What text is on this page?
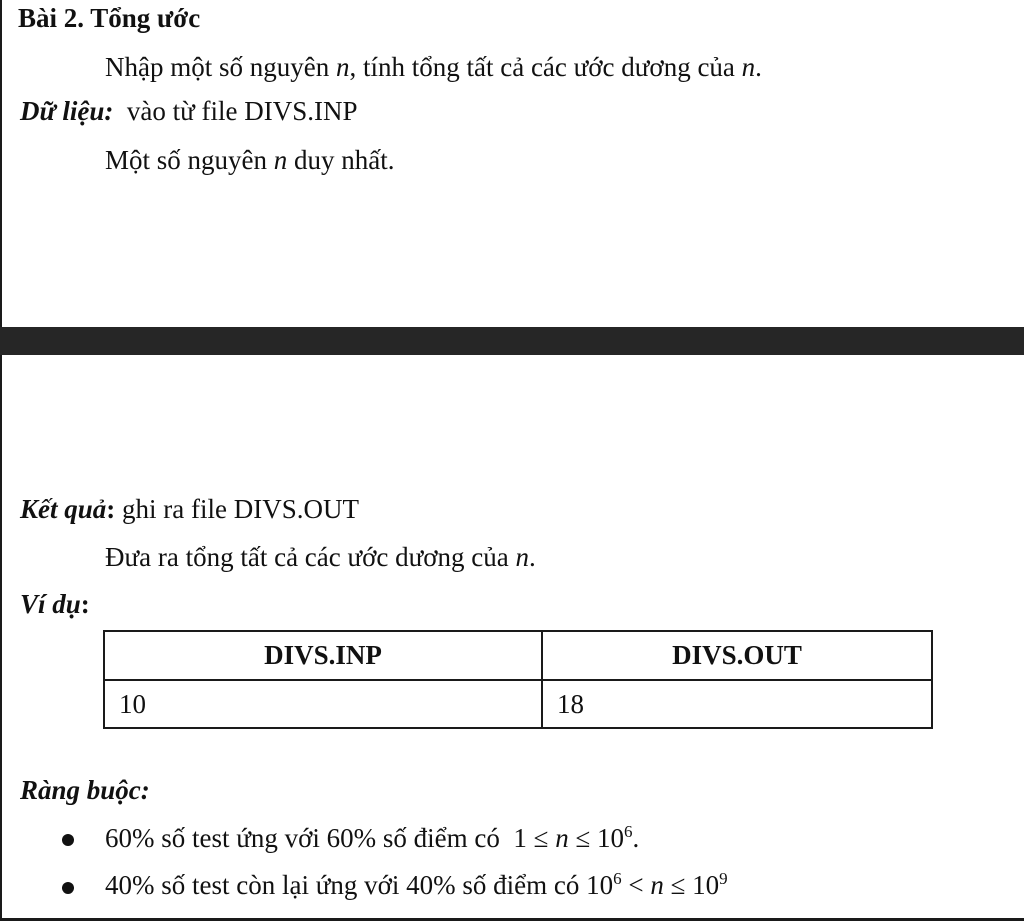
Bài 2. Tổng ước
Nhập một số nguyên n, tính tổng tất cả các ước dương của n.
Dữ liệu: vào từ file DIVS.INP
Một số nguyên n duy nhất.
Kết quả: ghi ra file DIVS.OUT
Đưa ra tổng tất cả các ước dương của n.
Ví dụ:
DIVS.INP	DIVS.OUT
10	18
Ràng buộc:
60% số test ứng với 60% số điểm có  $1 \le n \le 10^6$.
40% số test còn lại ứng với 40% số điểm có $10^6 < n \le 10^9$
